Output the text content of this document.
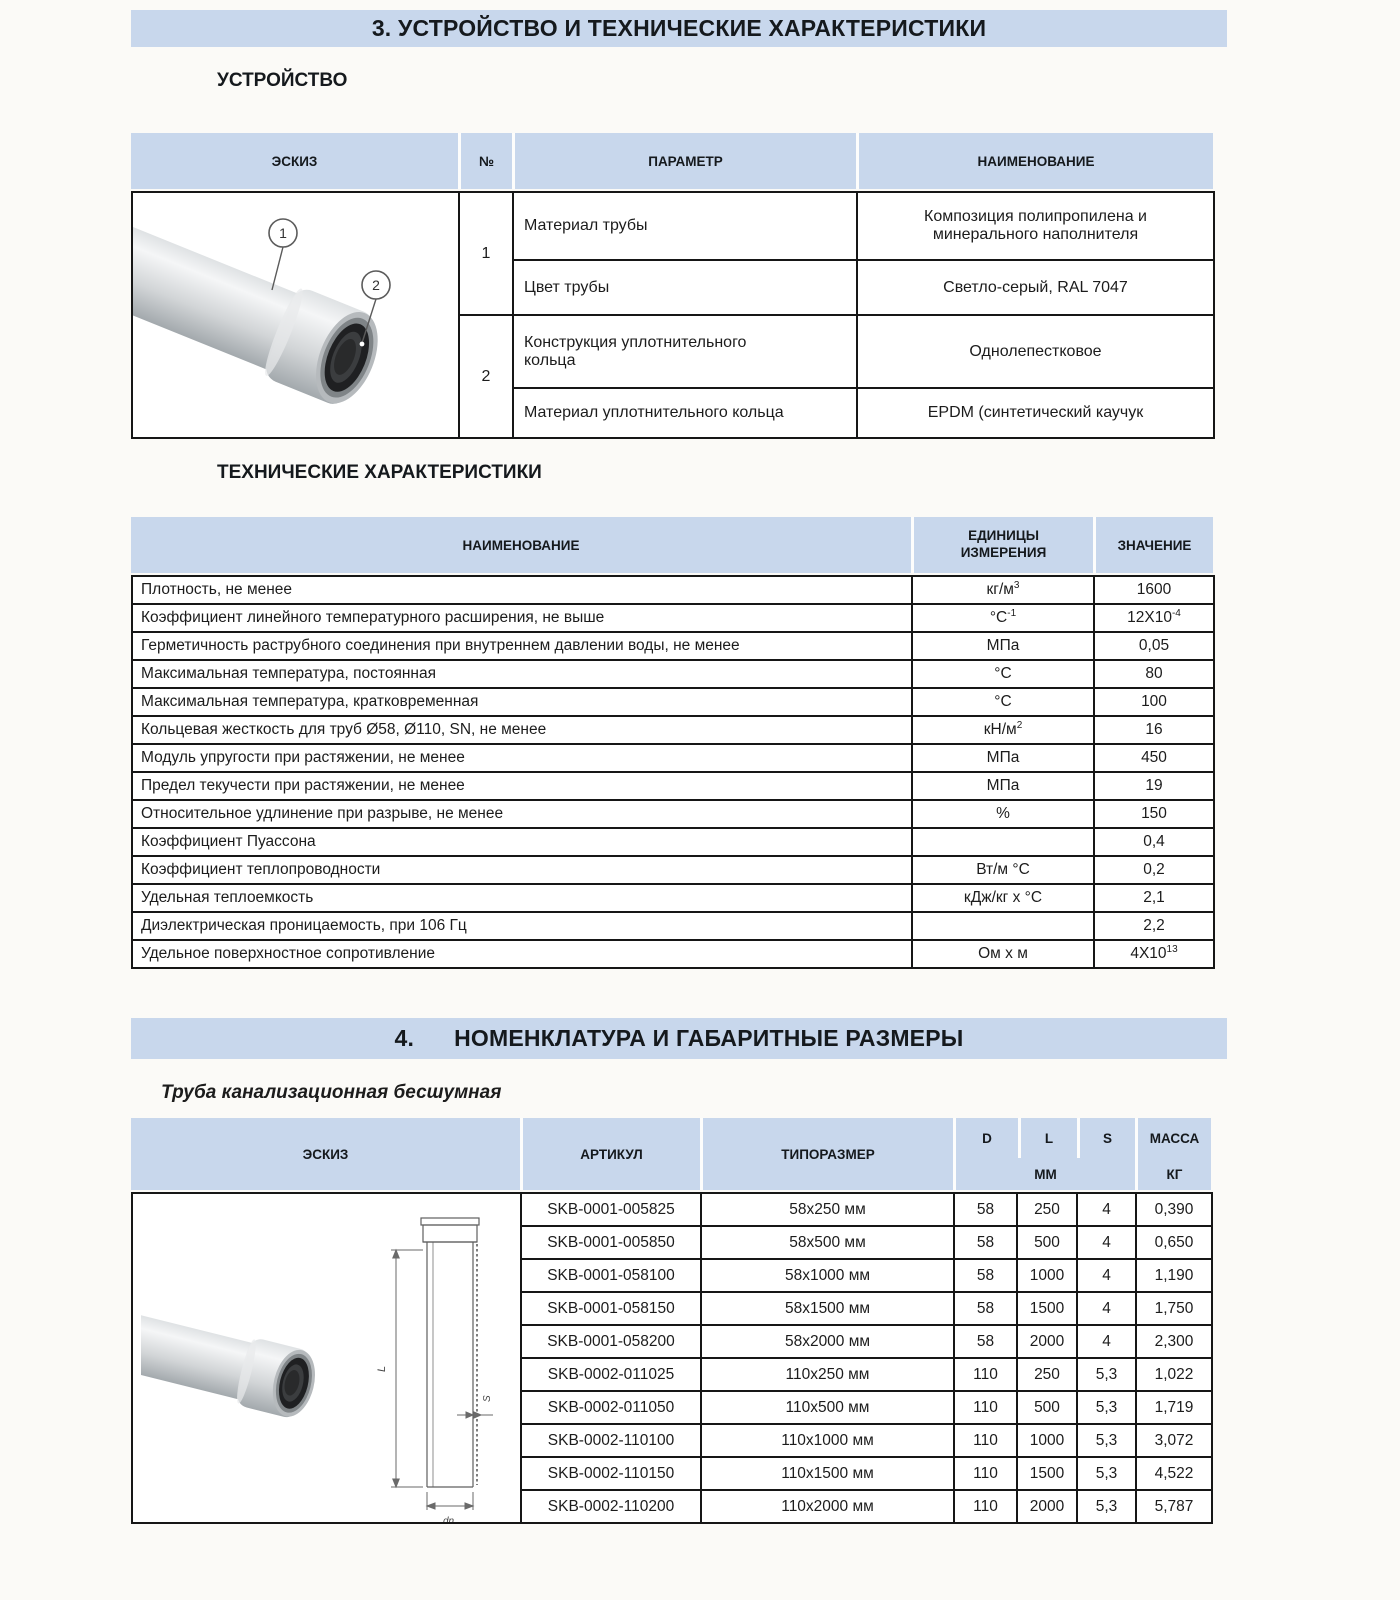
3. УСТРОЙСТВО И ТЕХНИЧЕСКИЕ ХАРАКТЕРИСТИКИ
УСТРОЙСТВО
ЭСКИЗ	№	ПАРАМЕТР	НАИМЕНОВАНИЕ
1
2	1	Материал трубы	Композиция полипропилена и минерального наполнителя
		Цвет трубы	Светло-серый, RAL 7047
	2	Конструкция уплотнительного кольца	Однолепестковое
		Материал уплотнительного кольца	EPDM (синтетический каучук
ТЕХНИЧЕСКИЕ ХАРАКТЕРИСТИКИ
НАИМЕНОВАНИЕ
ЕДИНИЦЫ ИЗМЕРЕНИЯ	ЗНАЧЕНИЕ
Плотность, не менее	$кг/м^3$	1600
Коэффициент линейного температурного расширения, не выше	$^\circ С^{-1}$	$12Х10^{-4}$
Герметичность раструбного соединения при внутреннем давлении воды, не менее	МПа	0,05
Максимальная температура, постоянная	°С	80
Максимальная температура, кратковременная	°С	100
Кольцевая жесткость для труб Ø58, Ø110, SN, не менее	$кН/м^2$	16
Модуль упругости при растяжении, не менее	МПа	450
Предел текучести при растяжении, не менее	МПа	19
Относительное удлинение при разрыве, не менее	%	150
Коэффициент Пуассона		0,4
Коэффициент теплопроводности	Вт/м °С	0,2
Удельная теплоемкость	кДж/кг х °С	2,1
Диэлектрическая проницаемость, при 106 Гц		2,2
Удельное поверхностное сопротивление	Ом х м	$4Х10^{13}$
4. НОМЕНКЛАТУРА И ГАБАРИТНЫЕ РАЗМЕРЫ
Труба канализационная бесшумная
ЭСКИЗ	АРТИКУЛ	ТИПОРАЗМЕР
D	L	S
ММ
МАССА
КГ
L
S
dn	SKB-0001-005825	58х250 мм	58	250	4	0,390
	SKB-0001-005850	58х500 мм	58	500	4	0,650
	SKB-0001-058100	58х1000 мм	58	1000	4	1,190
	SKB-0001-058150	58х1500 мм	58	1500	4	1,750
	SKB-0001-058200	58х2000 мм	58	2000	4	2,300
	SKB-0002-011025	110х250 мм	110	250	5,3	1,022
	SKB-0002-011050	110х500 мм	110	500	5,3	1,719
	SKB-0002-110100	110х1000 мм	110	1000	5,3	3,072
	SKB-0002-110150	110х1500 мм	110	1500	5,3	4,522
	SKB-0002-110200	110х2000 мм	110	2000	5,3	5,787
